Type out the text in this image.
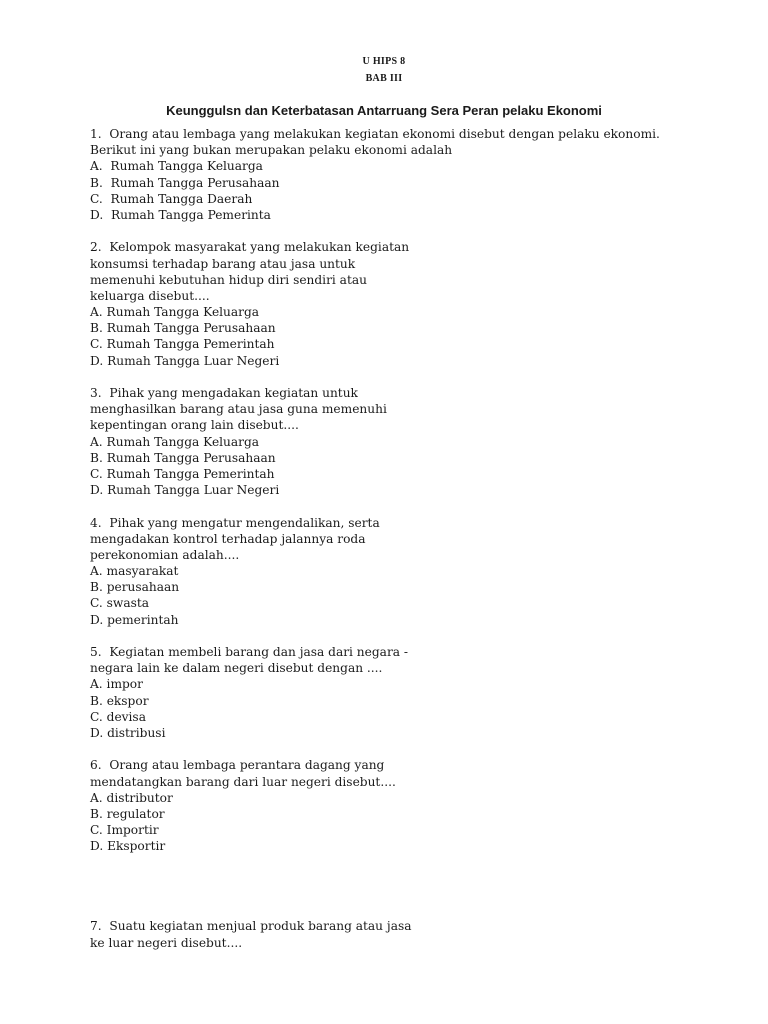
U HIPS 8
BAB III
Keunggulsn dan Keterbatasan Antarruang Sera Peran pelaku Ekonomi
1.  Orang atau lembaga yang melakukan kegiatan ekonomi disebut dengan pelaku ekonomi.
Berikut ini yang bukan merupakan pelaku ekonomi adalah
A.  Rumah Tangga Keluarga
B.  Rumah Tangga Perusahaan
C.  Rumah Tangga Daerah
D.  Rumah Tangga Pemerinta
2.  Kelompok masyarakat yang melakukan kegiatan
konsumsi terhadap barang atau jasa untuk
memenuhi kebutuhan hidup diri sendiri atau
keluarga disebut....
A. Rumah Tangga Keluarga
B. Rumah Tangga Perusahaan
C. Rumah Tangga Pemerintah
D. Rumah Tangga Luar Negeri
3.  Pihak yang mengadakan kegiatan untuk
menghasilkan barang atau jasa guna memenuhi
kepentingan orang lain disebut....
A. Rumah Tangga Keluarga
B. Rumah Tangga Perusahaan
C. Rumah Tangga Pemerintah
D. Rumah Tangga Luar Negeri
4.  Pihak yang mengatur mengendalikan, serta
mengadakan kontrol terhadap jalannya roda
perekonomian adalah....
A. masyarakat
B. perusahaan
C. swasta
D. pemerintah
5.  Kegiatan membeli barang dan jasa dari negara -
negara lain ke dalam negeri disebut dengan ....
A. impor
B. ekspor
C. devisa
D. distribusi
6.  Orang atau lembaga perantara dagang yang
mendatangkan barang dari luar negeri disebut....
A. distributor
B. regulator
C. Importir
D. Eksportir
7.  Suatu kegiatan menjual produk barang atau jasa
ke luar negeri disebut....
